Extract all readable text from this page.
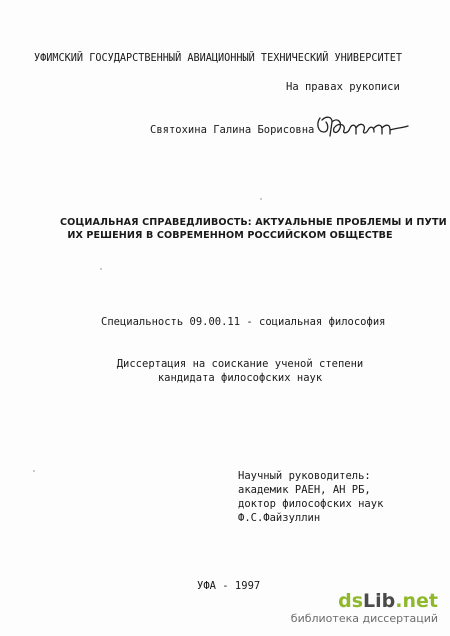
УФИМСКИЙ ГОСУДАРСТВЕННЫЙ АВИАЦИОННЫЙ ТЕХНИЧЕСКИЙ УНИВЕРСИТЕТ
На правах рукописи
Святохина Галина Борисовна
СОЦИАЛЬНАЯ СПРАВЕДЛИВОСТЬ: АКТУАЛЬНЫЕ ПРОБЛЕМЫ И ПУТИ
ИХ РЕШЕНИЯ В СОВРЕМЕННОМ РОССИЙСКОМ ОБЩЕСТВЕ
Специальность 09.00.11 - социальная философия
Диссертация на соискание ученой степени
кандидата философских наук
Научный руководитель:
академик РАЕН, АН РБ,
доктор философских наук
Ф.С.Файзуллин
УФА - 1997
dsLib.net
библиотека диссертаций
